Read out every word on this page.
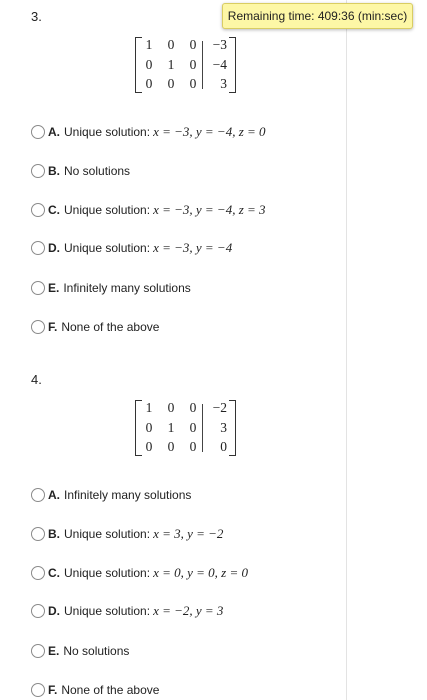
Remaining time: 409:36 (min:sec)
3.
1 0 0	−3
0 1 0	−4
0 0 0	3
A. Unique solution: x = −3, y = −4, z = 0
B. No solutions
C. Unique solution: x = −3, y = −4, z = 3
D. Unique solution: x = −3, y = −4
E. Infinitely many solutions
F. None of the above
4.
1 0 0	−2
0 1 0	3
0 0 0	0
A. Infinitely many solutions
B. Unique solution: x = 3, y = −2
C. Unique solution: x = 0, y = 0, z = 0
D. Unique solution: x = −2, y = 3
E. No solutions
F. None of the above
